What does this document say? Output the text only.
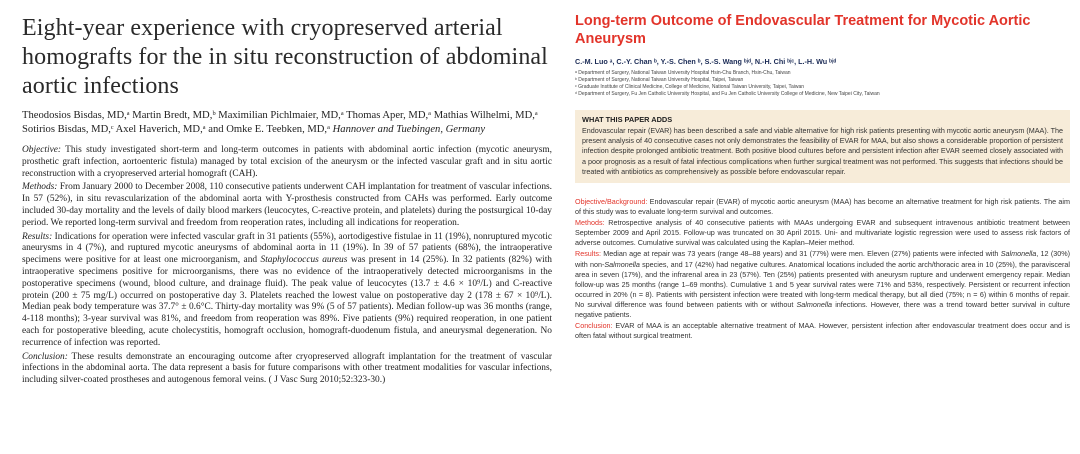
Eight-year experience with cryopreserved arterial homografts for the in situ reconstruction of abdominal aortic infections

Theodosios Bisdas, MD,ᵃ Martin Bredt, MD,ᵇ Maximilian Pichlmaier, MD,ᵃ Thomas Aper, MD,ᵃ Mathias Wilhelmi, MD,ᵃ Sotirios Bisdas, MD,ᶜ Axel Haverich, MD,ᵃ and Omke E. Teebken, MD,ᵃ Hannover and Tuebingen, Germany

Objective: This study investigated short-term and long-term outcomes in patients with abdominal aortic infection (mycotic aneurysm, prosthetic graft infection, aortoenteric fistula) managed by total excision of the aneurysm or the infected vascular graft and in situ aortic reconstruction with a cryopreserved arterial homograft (CAH).

Methods: From January 2000 to December 2008, 110 consecutive patients underwent CAH implantation for treatment of vascular infections. In 57 (52%), in situ revascularization of the abdominal aorta with Y-prosthesis constructed from CAHs was performed. Early outcome included 30-day mortality and the levels of daily blood markers (leucocytes, C-reactive protein, and platelets) during the postsurgical 10-day period. We reported long-term survival and freedom from reoperation rates, including all indications for reoperation.

Results: Indications for operation were infected vascular graft in 31 patients (55%), aortodigestive fistulae in 11 (19%), nonruptured mycotic aneurysms in 4 (7%), and ruptured mycotic aneurysms of abdominal aorta in 11 (19%). In 39 of 57 patients (68%), the intraoperative specimens were positive for at least one microorganism, and Staphylococcus aureus was present in 14 (25%). In 32 patients (82%) with intraoperative specimens positive for microorganisms, there was no evidence of the intraoperatively detected microorganisms in the postoperative specimens (wound, blood culture, and drainage fluid). The peak value of leucocytes (13.7 ± 4.6 × 10⁹/L) and C-reactive protein (200 ± 75 mg/L) occurred on postoperative day 3. Platelets reached the lowest value on postoperative day 2 (178 ± 67 × 10⁹/L). Median peak body temperature was 37.7° ± 0.6°C. Thirty-day mortality was 9% (5 of 57 patients). Median follow-up was 36 months (range, 4-118 months); 3-year survival was 81%, and freedom from reoperation was 89%. Five patients (9%) required reoperation, in one patient each for postoperative bleeding, acute cholecystitis, homograft occlusion, homograft-duodenum fistula, and aneurysmal degeneration. No recurrence of infection was reported.

Conclusion: These results demonstrate an encouraging outcome after cryopreserved allograft implantation for the treatment of vascular infections in the abdominal aorta. The data represent a basis for future comparisons with other treatment modalities for vascular infections, including silver-coated prostheses and autogenous femoral veins. ( J Vasc Surg 2010;52:323-30.)

Long-term Outcome of Endovascular Treatment for Mycotic Aortic Aneurysm

C.-M. Luo ᵃ, C.-Y. Chan ᵇ, Y.-S. Chen ᵇ, S.-S. Wang ᵇʲᵈ, N.-H. Chi ᵇʲᶜ, L.-H. Wu ᵇʲᵈ

ᵃ Department of Surgery, National Taiwan University Hospital Hsin-Chu Branch, Hsin-Chu, Taiwan
ᵇ Department of Surgery, National Taiwan University Hospital, Taipei, Taiwan
ᶜ Graduate Institute of Clinical Medicine, College of Medicine, National Taiwan University, Taipei, Taiwan
ᵈ Department of Surgery, Fu Jen Catholic University Hospital, and Fu Jen Catholic University College of Medicine, New Taipei City, Taiwan
WHAT THIS PAPER ADDS

Endovascular repair (EVAR) has been described a safe and viable alternative for high risk patients presenting with mycotic aortic aneurysm (MAA). The present analysis of 40 consecutive cases not only demonstrates the feasibility of EVAR for MAA, but also shows a considerable proportion of persistent infection despite prolonged antibiotic treatment. Both positive blood cultures before and persistent infection after EVAR seemed closely associated with a poor prognosis as a result of fatal infectious complications when further surgical treatment was not performed. This suggests that infections should be treated with antibiotics as comprehensively as possible before endovascular repair.

Objective/Background: Endovascular repair (EVAR) of mycotic aortic aneurysm (MAA) has become an alternative treatment for high risk patients. The aim of this study was to evaluate long-term survival and outcomes.

Methods: Retrospective analysis of 40 consecutive patients with MAAs undergoing EVAR and subsequent intravenous antibiotic treatment between September 2009 and April 2015. Follow-up was truncated on 30 April 2015. Uni- and multivariate logistic regression were used to assess risk factors of adverse outcomes. Cumulative survival was calculated using the Kaplan–Meier method.

Results: Median age at repair was 73 years (range 48–88 years) and 31 (77%) were men. Eleven (27%) patients were infected with Salmonella, 12 (30%) with non-Salmonella species, and 17 (42%) had negative cultures. Anatomical locations included the aortic arch/thoracic area in 10 (25%), the paravisceral area in seven (17%), and the infrarenal area in 23 (57%). Ten (25%) patients presented with aneurysm rupture and underwent emergency repair. Median follow-up was 25 months (range 1–69 months). Cumulative 1 and 5 year survival rates were 71% and 53%, respectively. Persistent or recurrent infection occurred in 20% (n = 8). Patients with persistent infection were treated with long-term medical therapy, but all died (75%; n = 6) within 6 months of repair. No survival difference was found between patients with or without Salmonella infections. However, there was a trend toward better survival in culture negative patients.

Conclusion: EVAR of MAA is an acceptable alternative treatment of MAA. However, persistent infection after endovascular treatment does occur and is often fatal without surgical treatment.
